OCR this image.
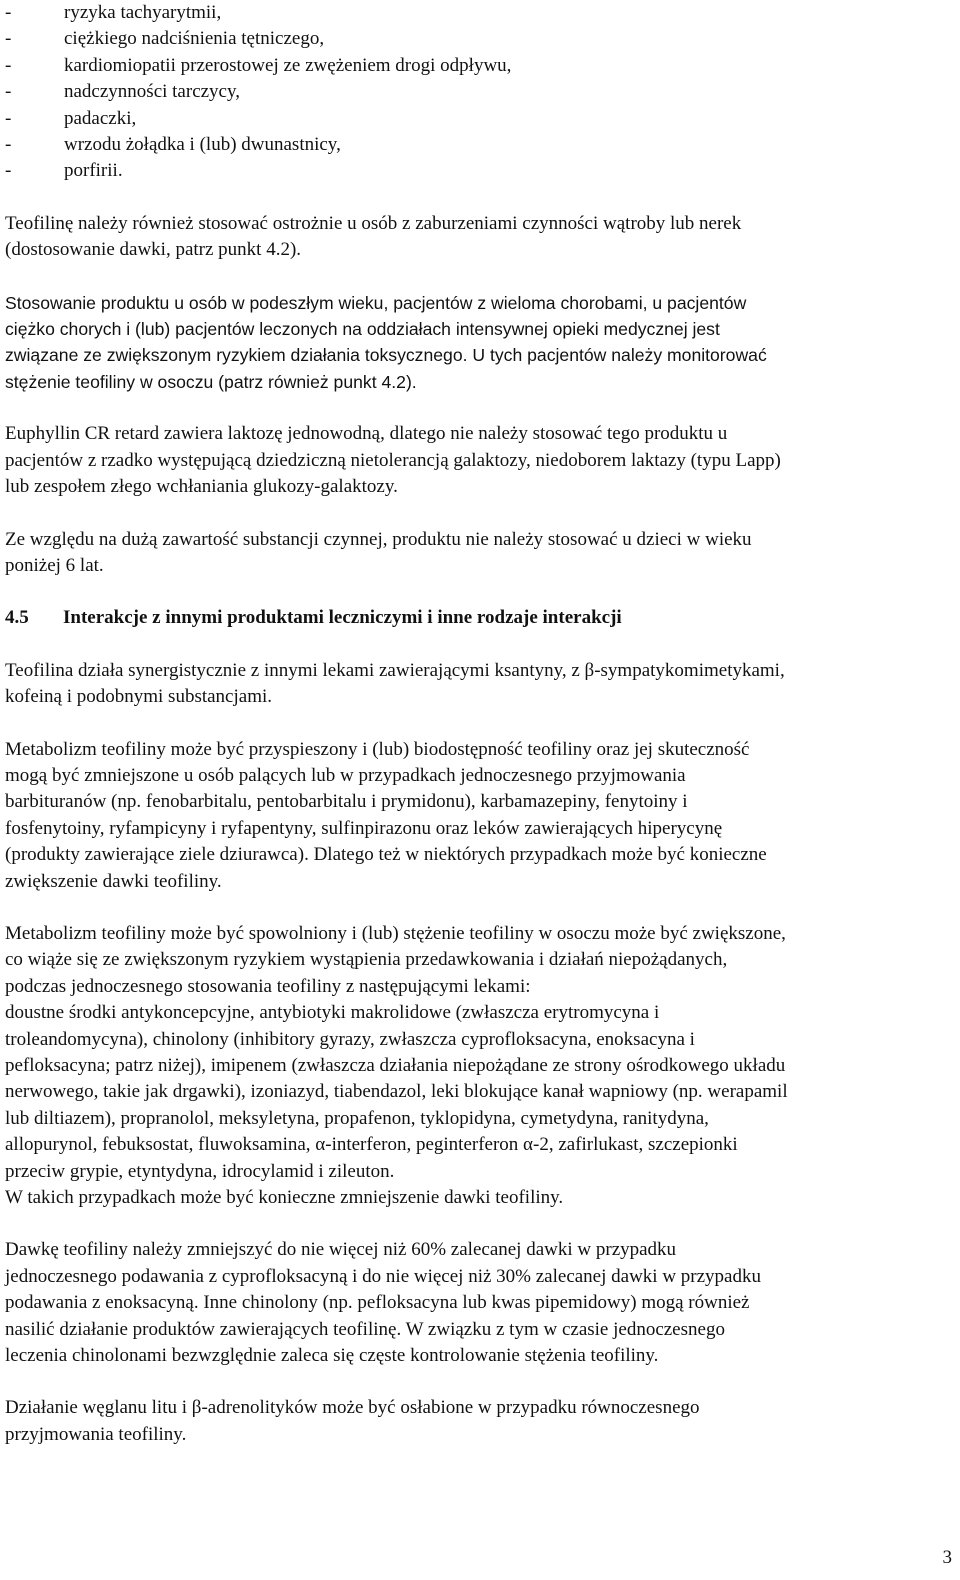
-	ryzyka tachyarytmii,
-	ciężkiego nadciśnienia tętniczego,
-	kardiomiopatii przerostowej ze zwężeniem drogi odpływu,
-	nadczynności tarczycy,
-	padaczki,
-	wrzodu żołądka i (lub) dwunastnicy,
-	porfirii.
Teofilinę należy również stosować ostrożnie u osób z zaburzeniami czynności wątroby lub nerek
(dostosowanie dawki, patrz punkt 4.2).
Stosowanie produktu u osób w podeszłym wieku, pacjentów z wieloma chorobami, u pacjentów
ciężko chorych i (lub) pacjentów leczonych na oddziałach intensywnej opieki medycznej jest
związane ze zwiększonym ryzykiem działania toksycznego. U tych pacjentów należy monitorować
stężenie teofiliny w osoczu (patrz również punkt 4.2).
Euphyllin CR retard zawiera laktozę jednowodną, dlatego nie należy stosować tego produktu u
pacjentów z rzadko występującą dziedziczną nietolerancją galaktozy, niedoborem laktazy (typu Lapp)
lub zespołem złego wchłaniania glukozy-galaktozy.
Ze względu na dużą zawartość substancji czynnej, produktu nie należy stosować u dzieci w wieku
poniżej 6 lat.
4.5 Interakcje z innymi produktami leczniczymi i inne rodzaje interakcji
Teofilina działa synergistycznie z innymi lekami zawierającymi ksantyny, z β-sympatykomimetykami,
kofeiną i podobnymi substancjami.
Metabolizm teofiliny może być przyspieszony i (lub) biodostępność teofiliny oraz jej skuteczność
mogą być zmniejszone u osób palących lub w przypadkach jednoczesnego przyjmowania
barbituranów (np. fenobarbitalu, pentobarbitalu i prymidonu), karbamazepiny, fenytoiny i
fosfenytoiny, ryfampicyny i ryfapentyny, sulfinpirazonu oraz leków zawierających hiperycynę
(produkty zawierające ziele dziurawca). Dlatego też w niektórych przypadkach może być konieczne
zwiększenie dawki teofiliny.
Metabolizm teofiliny może być spowolniony i (lub) stężenie teofiliny w osoczu może być zwiększone,
co wiąże się ze zwiększonym ryzykiem wystąpienia przedawkowania i działań niepożądanych,
podczas jednoczesnego stosowania teofiliny z następującymi lekami:
doustne środki antykoncepcyjne, antybiotyki makrolidowe (zwłaszcza erytromycyna i
troleandomycyna), chinolony (inhibitory gyrazy, zwłaszcza cyprofloksacyna, enoksacyna i
pefloksacyna; patrz niżej), imipenem (zwłaszcza działania niepożądane ze strony ośrodkowego układu
nerwowego, takie jak drgawki), izoniazyd, tiabendazol, leki blokujące kanał wapniowy (np. werapamil
lub diltiazem), propranolol, meksyletyna, propafenon, tyklopidyna, cymetydyna, ranitydyna,
allopurynol, febuksostat, fluwoksamina, α-interferon, peginterferon α-2, zafirlukast, szczepionki
przeciw grypie, etyntydyna, idrocylamid i zileuton.
W takich przypadkach może być konieczne zmniejszenie dawki teofiliny.
Dawkę teofiliny należy zmniejszyć do nie więcej niż 60% zalecanej dawki w przypadku
jednoczesnego podawania z cyprofloksacyną i do nie więcej niż 30% zalecanej dawki w przypadku
podawania z enoksacyną. Inne chinolony (np. pefloksacyna lub kwas pipemidowy) mogą również
nasilić działanie produktów zawierających teofilinę. W związku z tym w czasie jednoczesnego
leczenia chinolonami bezwzględnie zaleca się częste kontrolowanie stężenia teofiliny.
Działanie węglanu litu i β-adrenolityków może być osłabione w przypadku równoczesnego
przyjmowania teofiliny.
3
